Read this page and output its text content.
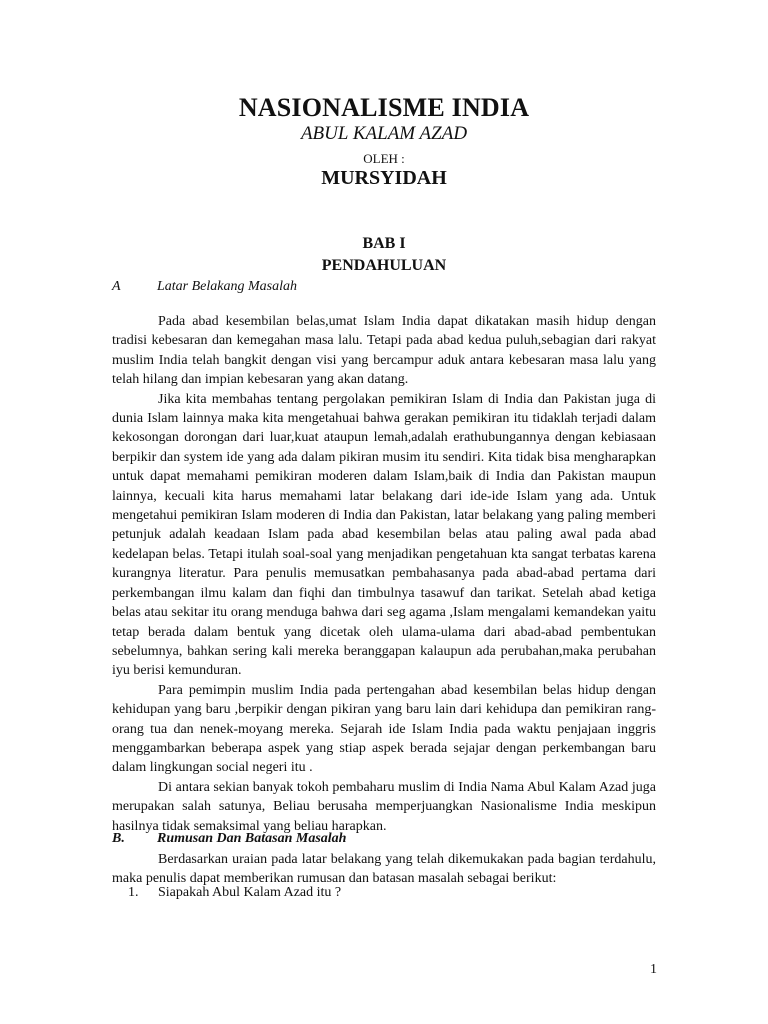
NASIONALISME INDIA
ABUL KALAM AZAD
OLEH :
MURSYIDAH
BAB I
PENDAHULUAN
A	Latar Belakang Masalah

Pada abad kesembilan belas,umat Islam India dapat dikatakan masih hidup dengan tradisi kebesaran dan kemegahan masa lalu. Tetapi pada abad kedua puluh,sebagian dari rakyat muslim India telah bangkit dengan visi yang bercampur aduk antara kebesaran masa lalu yang telah hilang dan impian kebesaran yang akan datang.

Jika kita membahas tentang pergolakan pemikiran Islam di India dan Pakistan juga di dunia Islam lainnya maka kita mengetahuai bahwa gerakan pemikiran itu tidaklah terjadi dalam kekosongan dorongan dari luar,kuat ataupun lemah,adalah erathubungannya dengan kebiasaan berpikir dan system ide yang ada dalam pikiran musim itu sendiri. Kita tidak bisa mengharapkan untuk dapat memahami pemikiran moderen dalam Islam,baik di India dan Pakistan maupun lainnya, kecuali kita harus memahami latar belakang dari ide-ide Islam yang ada. Untuk mengetahui pemikiran Islam moderen di India dan Pakistan, latar belakang yang paling memberi petunjuk adalah keadaan Islam pada abad kesembilan belas atau paling awal pada abad kedelapan belas. Tetapi itulah soal-soal yang menjadikan pengetahuan kta sangat terbatas karena kurangnya literatur. Para penulis memusatkan pembahasanya pada abad-abad pertama dari perkembangan ilmu kalam dan fiqhi dan timbulnya tasawuf dan tarikat. Setelah abad ketiga belas atau sekitar itu orang menduga bahwa dari seg agama ,Islam mengalami kemandekan yaitu tetap berada dalam bentuk yang dicetak oleh ulama-ulama dari abad-abad pembentukan sebelumnya, bahkan sering kali mereka beranggapan kalaupun ada perubahan,maka perubahan iyu berisi kemunduran.

Para pemimpin muslim India pada pertengahan abad kesembilan belas hidup dengan kehidupan yang baru ,berpikir dengan pikiran yang baru lain dari kehidupa dan pemikiran rang-orang tua dan nenek-moyang mereka. Sejarah ide Islam India pada waktu penjajaan inggris menggambarkan beberapa aspek yang stiap aspek berada sejajar dengan perkembangan baru dalam lingkungan social negeri itu .

Di antara sekian banyak tokoh pembaharu muslim di India Nama Abul Kalam Azad juga merupakan salah satunya, Beliau berusaha memperjuangkan Nasionalisme India meskipun hasilnya tidak semaksimal yang beliau harapkan.

B. Rumusan Dan Batasan Masalah

Berdasarkan uraian pada latar belakang yang telah dikemukakan pada bagian terdahulu, maka penulis dapat memberikan rumusan dan batasan masalah sebagai berikut:

1. Siapakah Abul Kalam Azad itu ?
1
